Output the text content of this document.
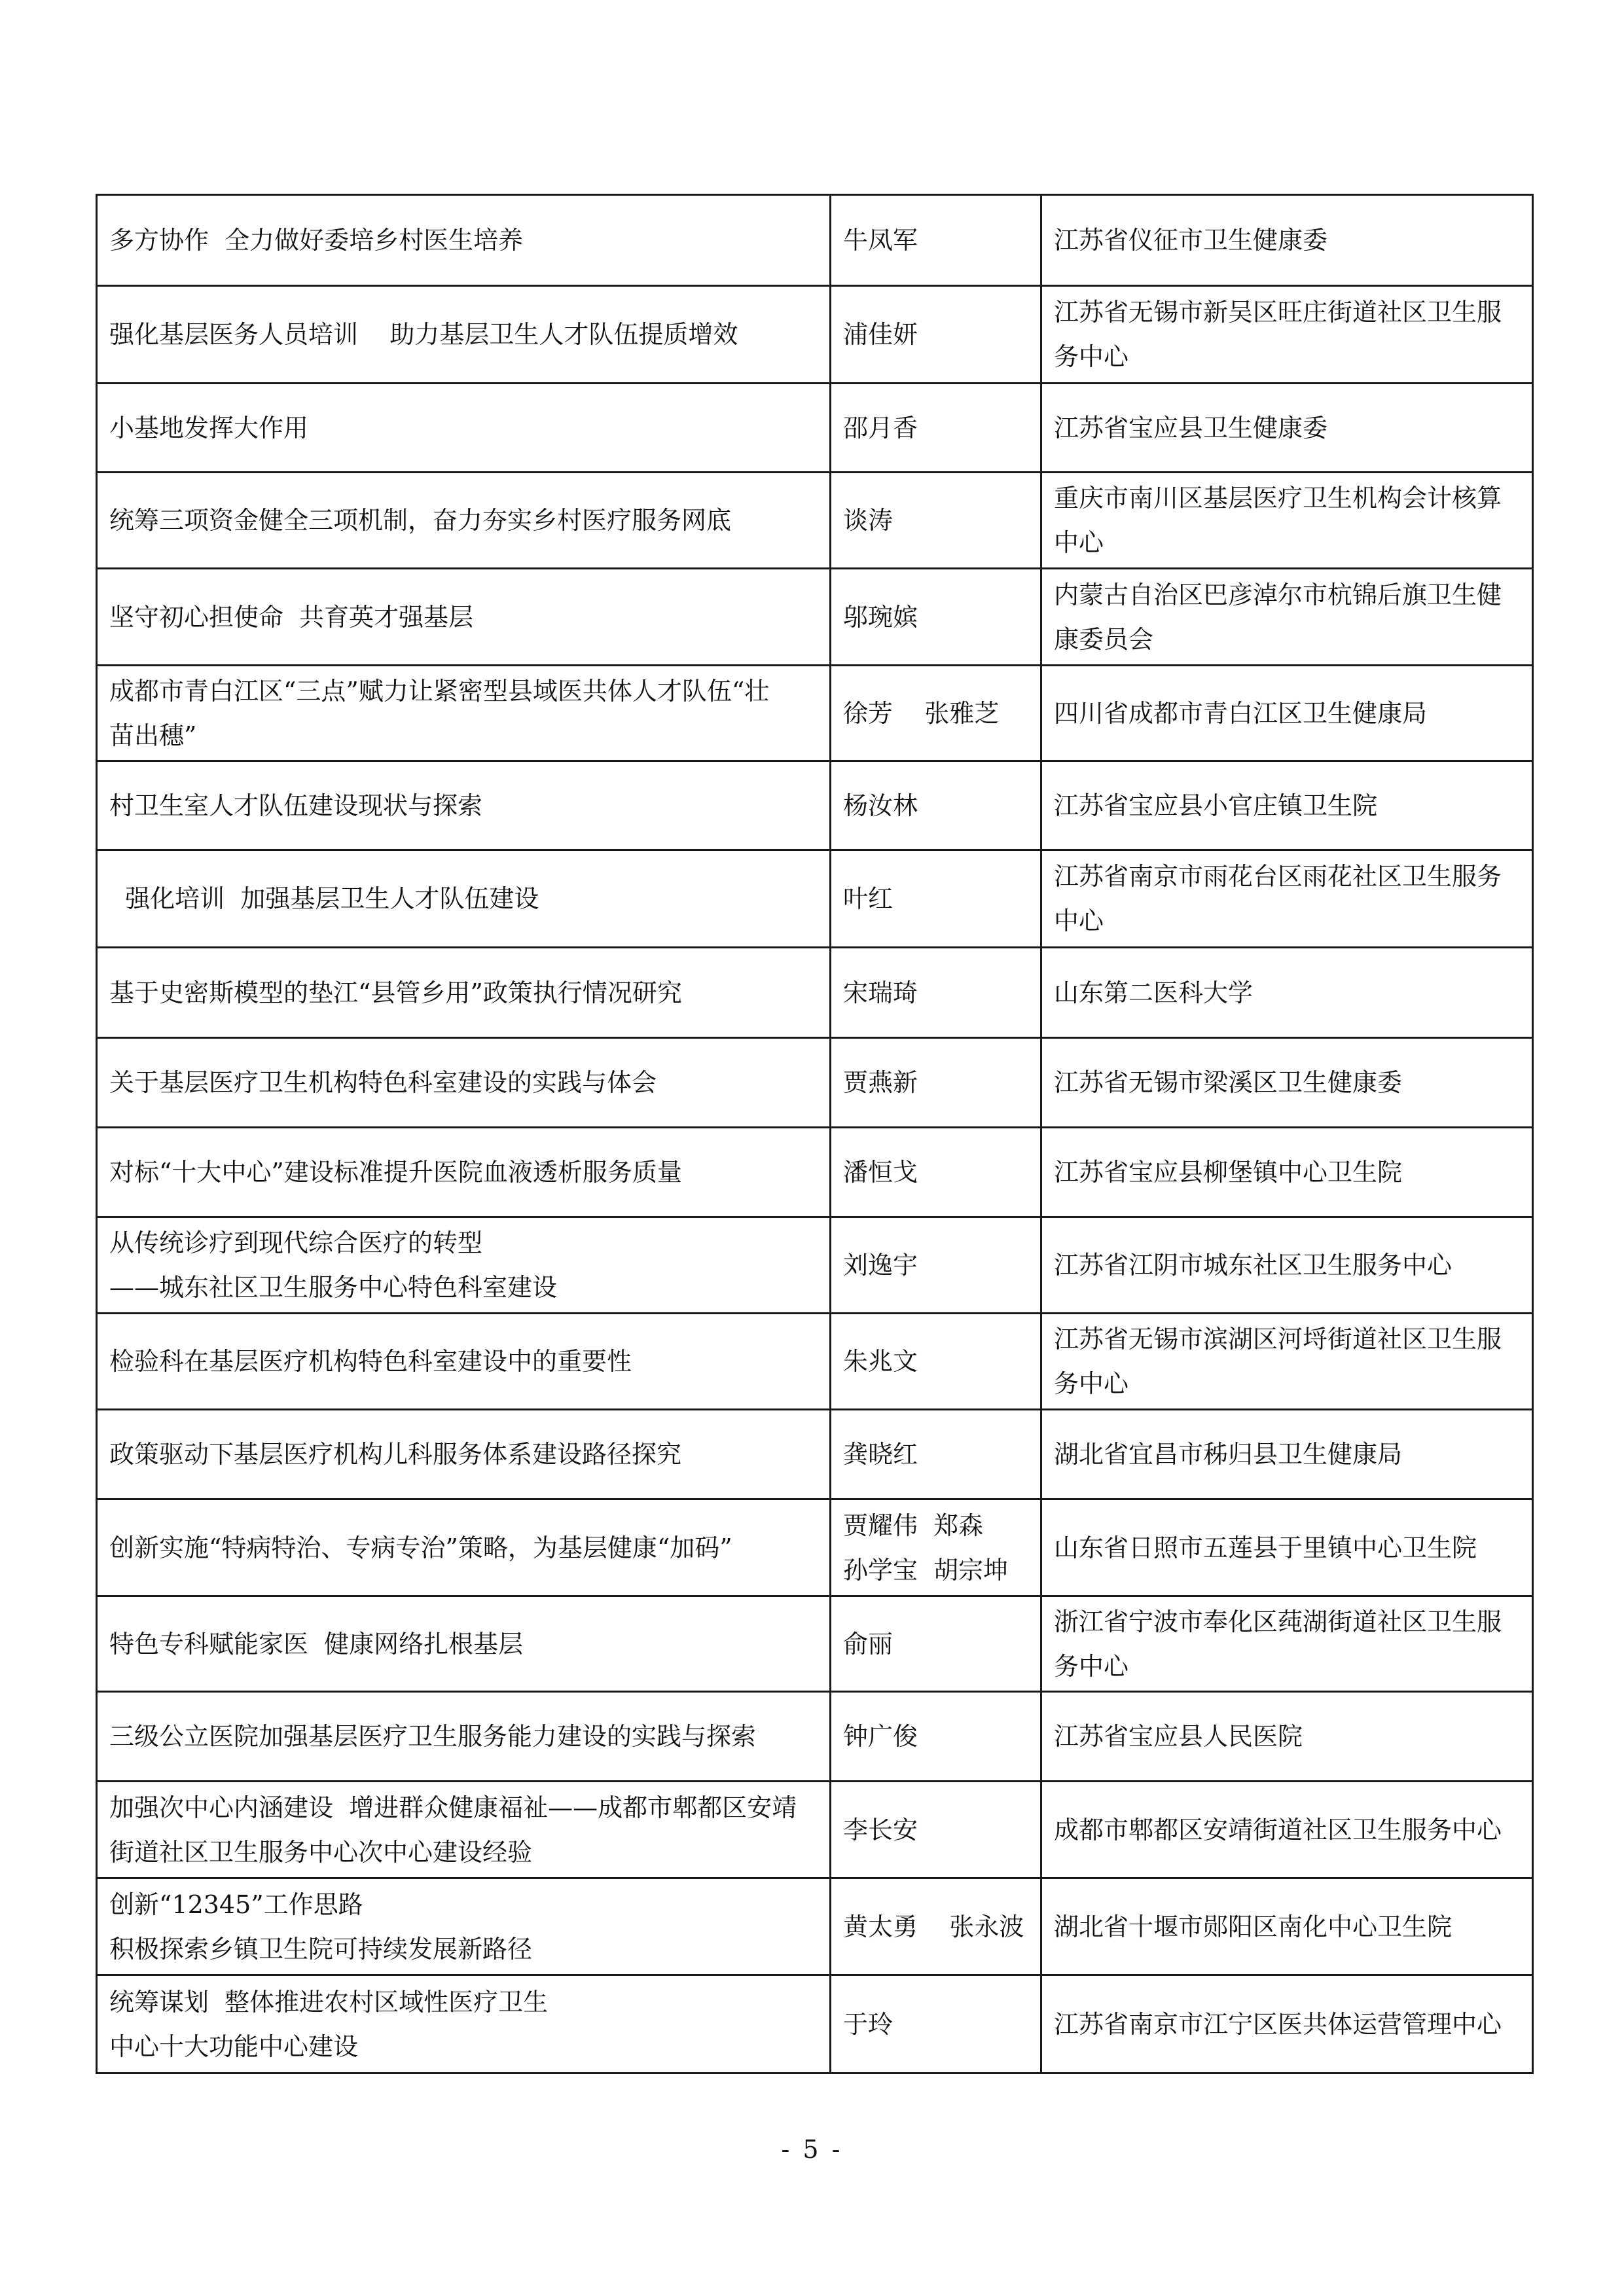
多方协作  全力做好委培乡村医生培养	牛凤军	江苏省仪征市卫生健康委

强化基层医务人员培训    助力基层卫生人才队伍提质增效	浦佳妍	江苏省无锡市新吴区旺庄街道社区卫生服
务中心

小基地发挥大作用	邵月香	江苏省宝应县卫生健康委

统筹三项资金健全三项机制，奋力夯实乡村医疗服务网底	谈涛	重庆市南川区基层医疗卫生机构会计核算
中心

坚守初心担使命  共育英才强基层	邬琬嫔	内蒙古自治区巴彦淖尔市杭锦后旗卫生健
康委员会

成都市青白江区“三点”赋力让紧密型县域医共体人才队伍“壮
苗出穗”	徐芳    张雅芝	四川省成都市青白江区卫生健康局

村卫生室人才队伍建设现状与探索	杨汝林	江苏省宝应县小官庄镇卫生院

强化培训  加强基层卫生人才队伍建设	叶红	江苏省南京市雨花台区雨花社区卫生服务
中心

基于史密斯模型的垫江“县管乡用”政策执行情况研究	宋瑞琦	山东第二医科大学

关于基层医疗卫生机构特色科室建设的实践与体会	贾燕新	江苏省无锡市梁溪区卫生健康委

对标“十大中心”建设标准提升医院血液透析服务质量	潘恒戈	江苏省宝应县柳堡镇中心卫生院

从传统诊疗到现代综合医疗的转型
——城东社区卫生服务中心特色科室建设	刘逸宇	江苏省江阴市城东社区卫生服务中心

检验科在基层医疗机构特色科室建设中的重要性	朱兆文	江苏省无锡市滨湖区河埒街道社区卫生服
务中心

政策驱动下基层医疗机构儿科服务体系建设路径探究	龚晓红	湖北省宜昌市秭归县卫生健康局

创新实施“特病特治、专病专治”策略，为基层健康“加码”	贾耀伟  郑森
孙学宝  胡宗坤	山东省日照市五莲县于里镇中心卫生院

特色专科赋能家医  健康网络扎根基层	俞丽	浙江省宁波市奉化区莼湖街道社区卫生服
务中心

三级公立医院加强基层医疗卫生服务能力建设的实践与探索	钟广俊	江苏省宝应县人民医院

加强次中心内涵建设  增进群众健康福祉——成都市郫都区安靖
街道社区卫生服务中心次中心建设经验	李长安	成都市郫都区安靖街道社区卫生服务中心

创新“12345”工作思路
积极探索乡镇卫生院可持续发展新路径	黄太勇    张永波	湖北省十堰市郧阳区南化中心卫生院

统筹谋划  整体推进农村区域性医疗卫生
中心十大功能中心建设	于玲	江苏省南京市江宁区医共体运营管理中心
- 5 -
